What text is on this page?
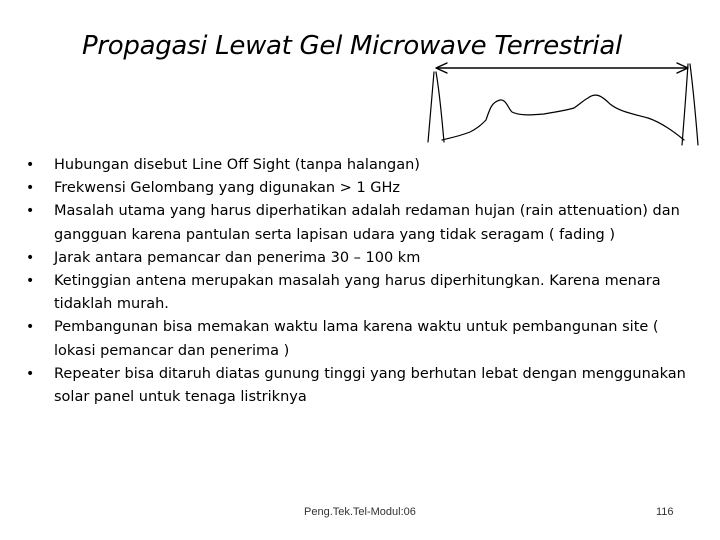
Propagasi Lewat Gel Microwave Terrestrial
• Hubungan disebut Line Off Sight (tanpa halangan)
• Frekwensi Gelombang yang digunakan > 1 GHz
• Masalah utama yang harus diperhatikan adalah redaman hujan (rain attenuation) dan gangguan karena pantulan serta lapisan udara yang tidak seragam ( fading )
• Jarak antara pemancar dan penerima 30 – 100 km
• Ketinggian antena merupakan masalah yang harus diperhitungkan. Karena menara tidaklah murah.
• Pembangunan bisa memakan waktu lama karena waktu untuk pembangunan site ( lokasi pemancar dan penerima )
• Repeater bisa ditaruh diatas gunung tinggi yang berhutan lebat dengan menggunakan solar panel untuk tenaga listriknya
Peng.Tek.Tel-Modul:06	116
